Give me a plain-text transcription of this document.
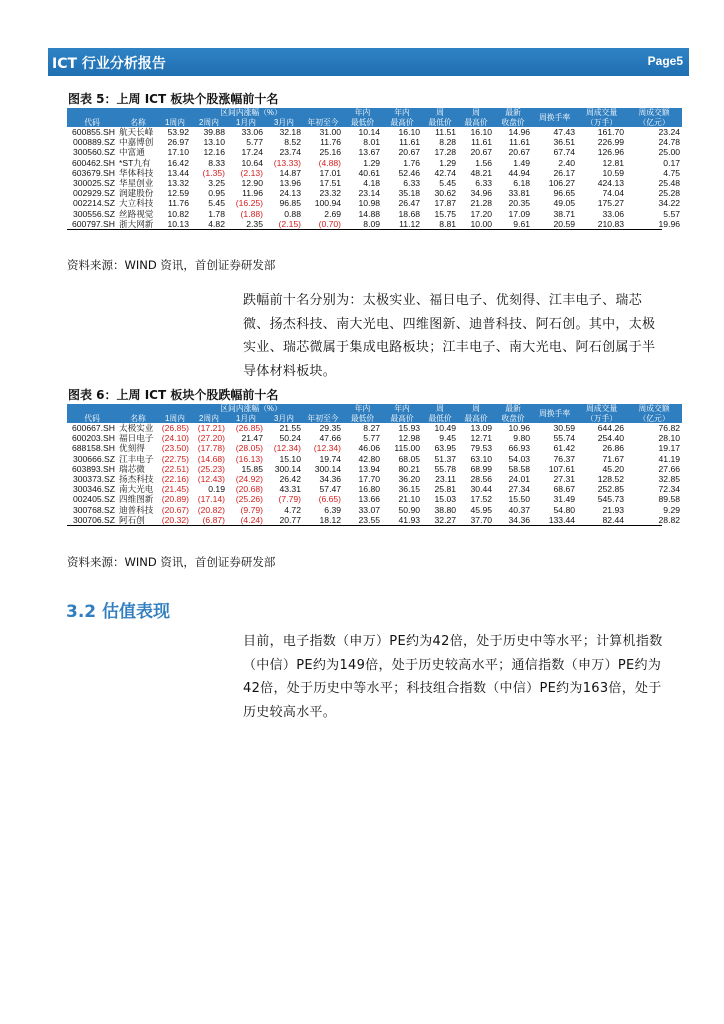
ICT 行业分析报告	Page5
图表 5：上周 ICT 板块个股涨幅前十名
		区间内涨幅（%）					年内	年内	周	周	最新	周换手率	周成交量	周成交额
代码	名称	1周内	2周内	1月内	3月内	年初至今	最低价	最高价	最低价	最高价	收盘价		（万手）	（亿元）
600855.SH	航天长峰	53.92	39.88	33.06	32.18	31.00	10.14	16.10	11.51	16.10	14.96	47.43	161.70	23.24
000889.SZ	中嘉博创	26.97	13.10	5.77	8.52	11.76	8.01	11.61	8.28	11.61	11.61	36.51	226.99	24.78
300560.SZ	中富通	17.10	12.16	17.24	23.74	25.16	13.67	20.67	17.28	20.67	20.67	67.74	126.96	25.00
600462.SH	*ST九有	16.42	8.33	10.64	(13.33)	(4.88)	1.29	1.76	1.29	1.56	1.49	2.40	12.81	0.17
603679.SH	华体科技	13.44	(1.35)	(2.13)	14.87	17.01	40.61	52.46	42.74	48.21	44.94	26.17	10.59	4.75
300025.SZ	华星创业	13.32	3.25	12.90	13.96	17.51	4.18	6.33	5.45	6.33	6.18	106.27	424.13	25.48
002929.SZ	润建股份	12.59	0.95	11.96	24.13	23.32	23.14	35.18	30.62	34.96	33.81	96.65	74.04	25.28
002214.SZ	大立科技	11.76	5.45	(16.25)	96.85	100.94	10.98	26.47	17.87	21.28	20.35	49.05	175.27	34.22
300556.SZ	丝路视觉	10.82	1.78	(1.88)	0.88	2.69	14.88	18.68	15.75	17.20	17.09	38.71	33.06	5.57
600797.SH	浙大网新	10.13	4.82	2.35	(2.15)	(0.70)	8.09	11.12	8.81	10.00	9.61	20.59	210.83	19.96
资料来源：WIND 资讯，首创证券研发部
跌幅前十名分别为：太极实业、福日电子、优刻得、江丰电子、瑞芯微、扬杰科技、南大光电、四维图新、迪普科技、阿石创。其中，太极实业、瑞芯微属于集成电路板块；江丰电子、南大光电、阿石创属于半导体材料板块。
图表 6：上周 ICT 板块个股跌幅前十名
		区间内涨幅（%）					年内	年内	周	周	最新	周换手率	周成交量	周成交额
代码	名称	1周内	2周内	1月内	3月内	年初至今	最低价	最高价	最低价	最高价	收盘价		（万手）	（亿元）
600667.SH	太极实业	(26.85)	(17.21)	(26.85)	21.55	29.35	8.27	15.93	10.49	13.09	10.96	30.59	644.26	76.82
600203.SH	福日电子	(24.10)	(27.20)	21.47	50.24	47.66	5.77	12.98	9.45	12.71	9.80	55.74	254.40	28.10
688158.SH	优刻得	(23.50)	(17.78)	(28.05)	(12.34)	(12.34)	46.06	115.00	63.95	79.53	66.93	61.42	26.86	19.17
300666.SZ	江丰电子	(22.75)	(14.68)	(16.13)	15.10	19.74	42.80	68.05	51.37	63.10	54.03	76.37	71.67	41.19
603893.SH	瑞芯微	(22.51)	(25.23)	15.85	300.14	300.14	13.94	80.21	55.78	68.99	58.58	107.61	45.20	27.66
300373.SZ	扬杰科技	(22.16)	(12.43)	(24.92)	26.42	34.36	17.70	36.20	23.11	28.56	24.01	27.31	128.52	32.85
300346.SZ	南大光电	(21.45)	0.19	(20.68)	43.31	57.47	16.80	36.15	25.81	30.44	27.34	68.67	252.85	72.34
002405.SZ	四维图新	(20.89)	(17.14)	(25.26)	(7.79)	(6.65)	13.66	21.10	15.03	17.52	15.50	31.49	545.73	89.58
300768.SZ	迪普科技	(20.67)	(20.82)	(9.79)	4.72	6.39	33.07	50.90	38.80	45.95	40.37	54.80	21.93	9.29
300706.SZ	阿石创	(20.32)	(6.87)	(4.24)	20.77	18.12	23.55	41.93	32.27	37.70	34.36	133.44	82.44	28.82
资料来源：WIND 资讯，首创证券研发部
3.2 估值表现
目前，电子指数（申万）PE约为42倍，处于历史中等水平；计算机指数（中信）PE约为149倍，处于历史较高水平；通信指数（申万）PE约为42倍，处于历史中等水平；科技组合指数（中信）PE约为163倍，处于历史较高水平。
